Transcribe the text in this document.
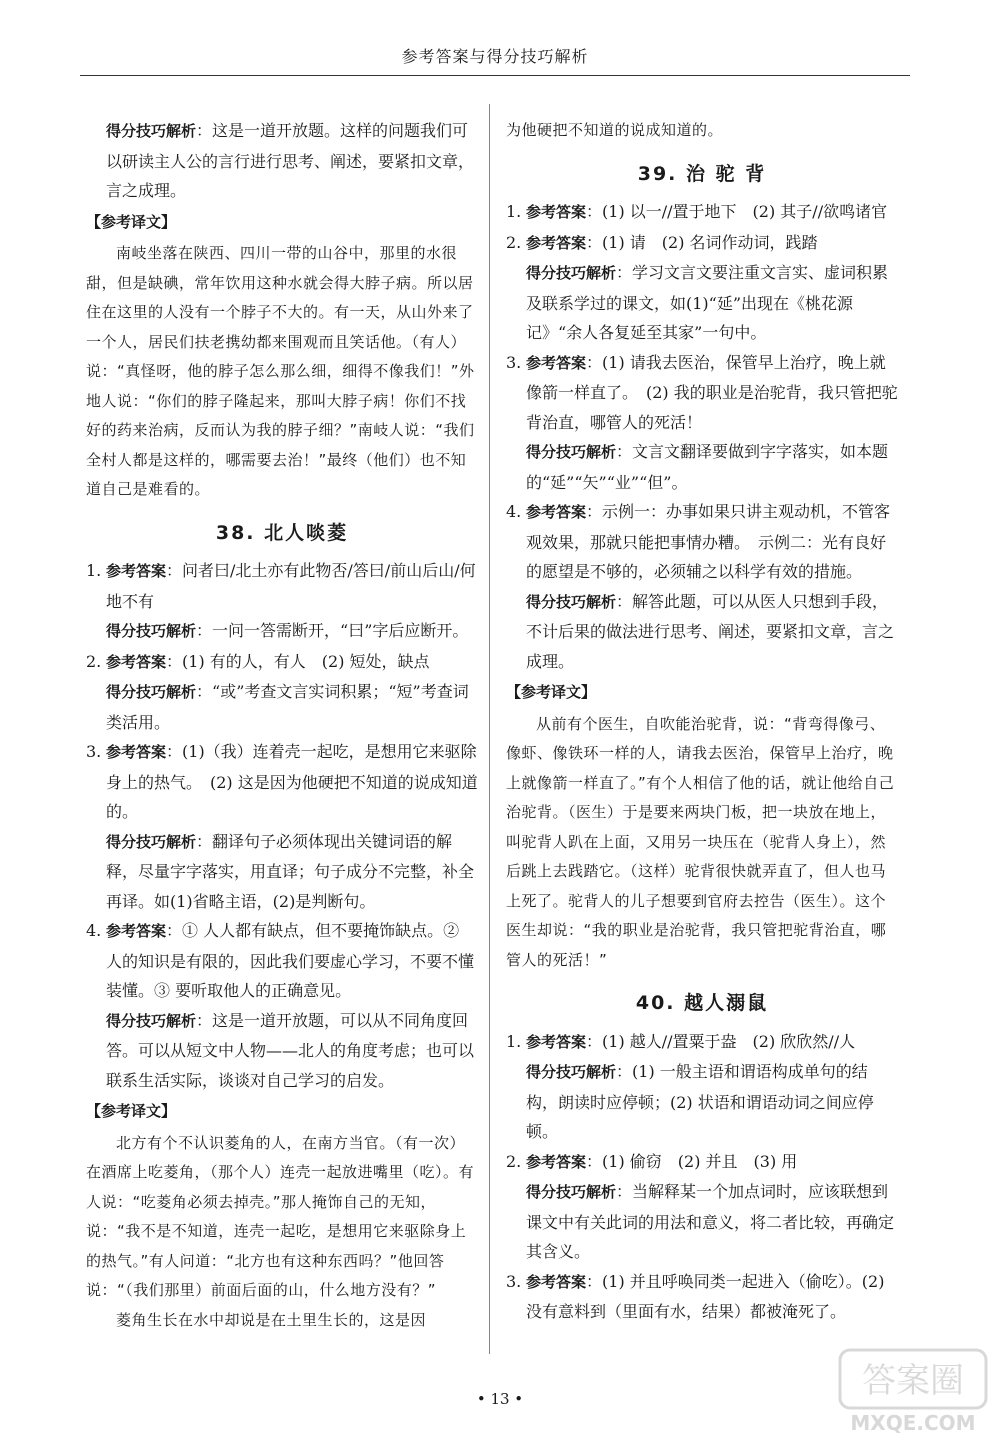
参考答案与得分技巧解析

得分技巧解析：这是一道开放题。这样的问题我们可以研读主人公的言行进行思考、阐述，要紧扣文章，言之成理。

【参考译文】

南岐坐落在陕西、四川一带的山谷中，那里的水很甜，但是缺碘，常年饮用这种水就会得大脖子病。所以居住在这里的人没有一个脖子不大的。有一天，从山外来了一个人，居民们扶老携幼都来围观而且笑话他。（有人）说：“真怪呀，他的脖子怎么那么细，细得不像我们！”外地人说：“你们的脖子隆起来，那叫大脖子病！你们不找好的药来治病，反而认为我的脖子细？”南岐人说：“我们全村人都是这样的，哪需要去治！”最终（他们）也不知道自己是难看的。

38. 北人啖菱
1. 参考答案：问者曰/北土亦有此物否/答曰/前山后山/何地不有

得分技巧解析：一问一答需断开，“曰”字后应断开。

2. 参考答案：(1) 有的人，有人　(2) 短处，缺点

得分技巧解析：“或”考查文言实词积累；“短”考查词类活用。

3. 参考答案：(1)（我）连着壳一起吃，是想用它来驱除身上的热气。　(2) 这是因为他硬把不知道的说成知道的。

得分技巧解析：翻译句子必须体现出关键词语的解释，尽量字字落实，用直译；句子成分不完整，补全再译。如(1)省略主语，(2)是判断句。

4. 参考答案：① 人人都有缺点，但不要掩饰缺点。② 人的知识是有限的，因此我们要虚心学习，不要不懂装懂。③ 要听取他人的正确意见。

得分技巧解析：这是一道开放题，可以从不同角度回答。可以从短文中人物——北人的角度考虑；也可以联系生活实际，谈谈对自己学习的启发。

【参考译文】

北方有个不认识菱角的人，在南方当官。（有一次）在酒席上吃菱角，（那个人）连壳一起放进嘴里（吃）。有人说：“吃菱角必须去掉壳。”那人掩饰自己的无知，说：“我不是不知道，连壳一起吃，是想用它来驱除身上的热气。”有人问道：“北方也有这种东西吗？”他回答说：“（我们那里）前面后面的山，什么地方没有？”

菱角生长在水中却说是在土里生长的，这是因

为他硬把不知道的说成知道的。

39. 治 驼 背
1. 参考答案：(1) 以一//置于地下　(2) 其子//欲鸣诸官

2. 参考答案：(1) 请　(2) 名词作动词，践踏

得分技巧解析：学习文言文要注重文言实、虚词积累及联系学过的课文，如(1)“延”出现在《桃花源记》“余人各复延至其家”一句中。

3. 参考答案：(1) 请我去医治，保管早上治疗，晚上就像箭一样直了。　(2) 我的职业是治驼背，我只管把驼背治直，哪管人的死活！

得分技巧解析：文言文翻译要做到字字落实，如本题的“延”“矢”“业”“但”。

4. 参考答案：示例一：办事如果只讲主观动机，不管客观效果，那就只能把事情办糟。　示例二：光有良好的愿望是不够的，必须辅之以科学有效的措施。

得分技巧解析：解答此题，可以从医人只想到手段，不计后果的做法进行思考、阐述，要紧扣文章，言之成理。

【参考译文】

从前有个医生，自吹能治驼背，说：“背弯得像弓、像虾、像铁环一样的人，请我去医治，保管早上治疗，晚上就像箭一样直了。”有个人相信了他的话，就让他给自己治驼背。（医生）于是要来两块门板，把一块放在地上，叫驼背人趴在上面，又用另一块压在（驼背人身上），然后跳上去践踏它。（这样）驼背很快就弄直了，但人也马上死了。驼背人的儿子想要到官府去控告（医生）。这个医生却说：“我的职业是治驼背，我只管把驼背治直，哪管人的死活！”

40. 越人溺鼠
1. 参考答案：(1) 越人//置粟于盎　(2) 欣欣然//人

得分技巧解析：(1) 一般主语和谓语构成单句的结构，朗读时应停顿；(2) 状语和谓语动词之间应停顿。

2. 参考答案：(1) 偷窃　(2) 并且　(3) 用

得分技巧解析：当解释某一个加点词时，应该联想到课文中有关此词的用法和意义，将二者比较，再确定其含义。

3. 参考答案：(1) 并且呼唤同类一起进入（偷吃）。(2) 没有意料到（里面有水，结果）都被淹死了。

• 13 •	答案圈
MXQE.COM
